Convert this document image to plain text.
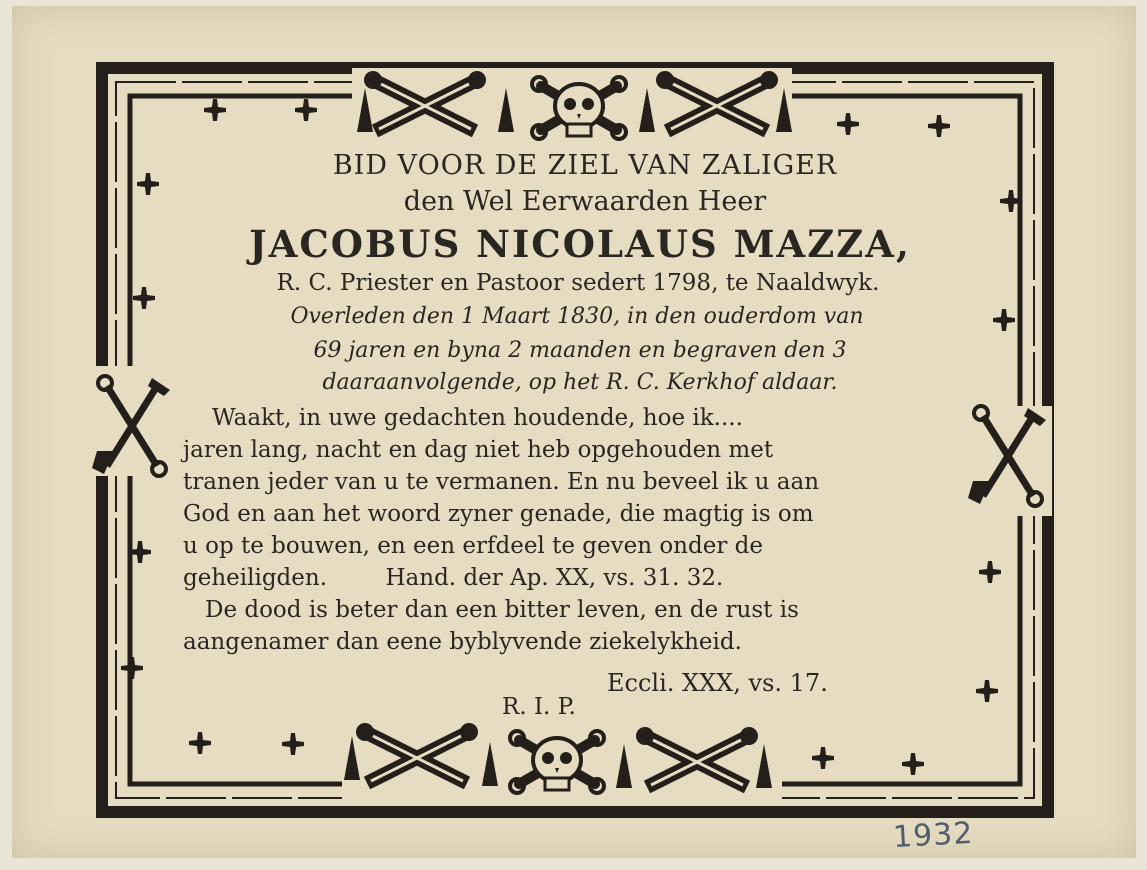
BID VOOR DE ZIEL VAN ZALIGER
den Wel Eerwaarden Heer
JACOBUS NICOLAUS MAZZA,
R. C. Priester en Pastoor sedert 1798, te Naaldwyk.
Overleden den 1 Maart 1830, in den ouderdom van
69 jaren en byna 2 maanden en begraven den 3
daaraanvolgende, op het R. C. Kerkhof aldaar.
Waakt, in uwe gedachten houdende, hoe ik....
jaren lang, nacht en dag niet heb opgehouden met
tranen jeder van u te vermanen. En nu beveel ik u aan
God en aan het woord zyner genade, die magtig is om
u op te bouwen, en een erfdeel te geven onder de
geheiligden.        Hand. der Ap. XX, vs. 31. 32.
De dood is beter dan een bitter leven, en de rust is
aangenamer dan eene byblyvende ziekelykheid.
Eccli. XXX, vs. 17.
R. I. P.
1932
